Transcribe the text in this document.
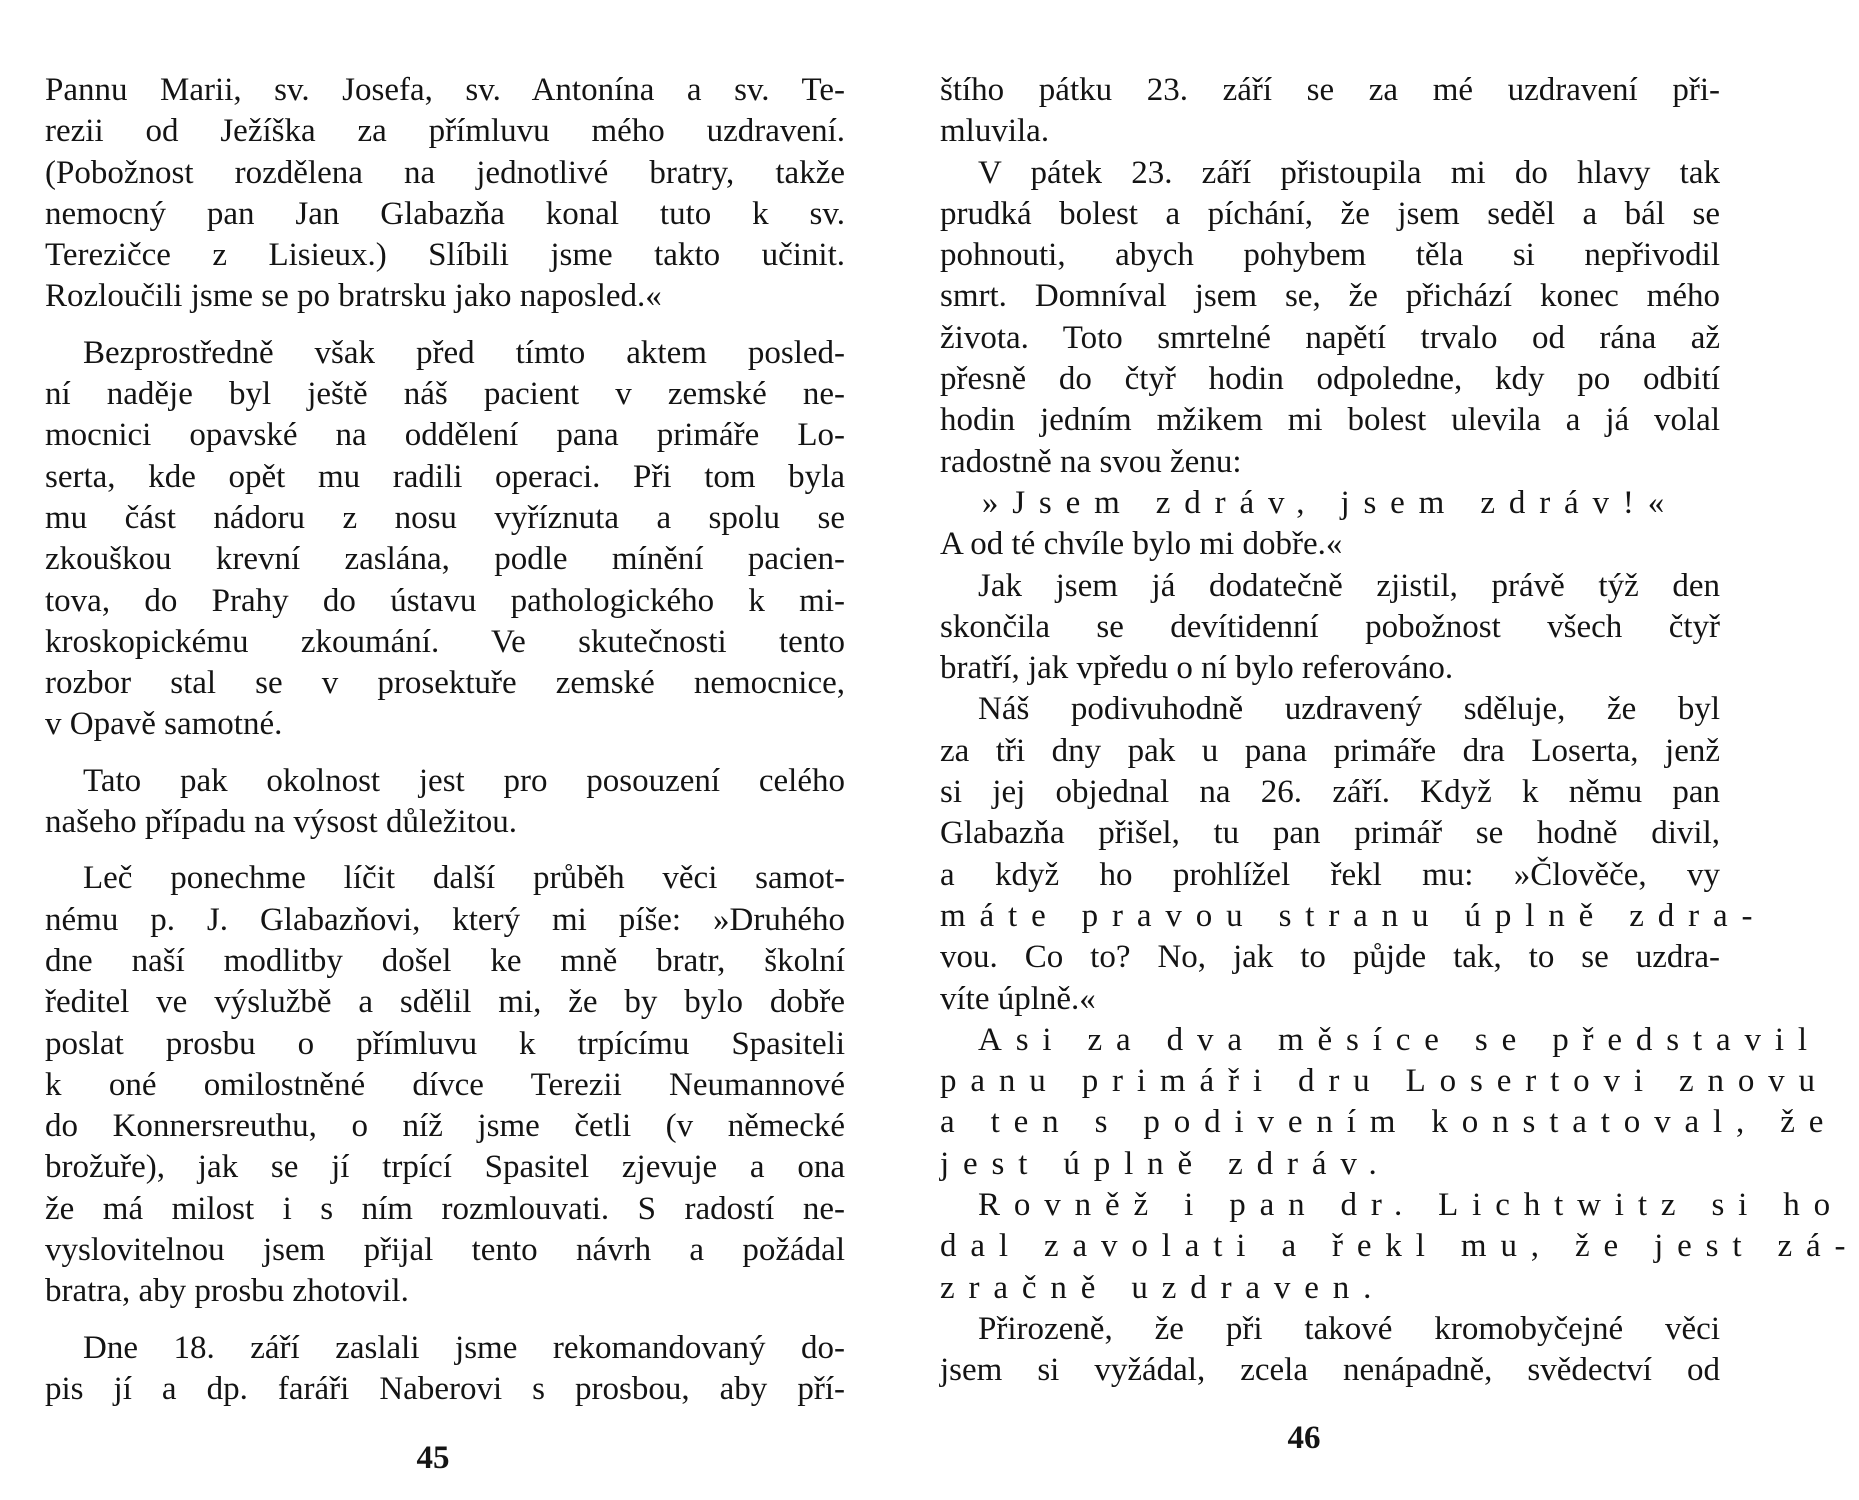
Pannu Marii, sv. Josefa, sv. Antonína a sv. Te-
rezii od Ježíška za přímluvu mého uzdravení.
(Pobožnost rozdělena na jednotlivé bratry, takže
nemocný pan Jan Glabazňa konal tuto k sv.
Terezičce z Lisieux.) Slíbili jsme takto učinit.
Rozloučili jsme se po bratrsku jako naposled.«
Bezprostředně však před tímto aktem posled-
ní naděje byl ještě náš pacient v zemské ne-
mocnici opavské na oddělení pana primáře Lo-
serta, kde opět mu radili operaci. Při tom byla
mu část nádoru z nosu vyříznuta a spolu se
zkouškou krevní zaslána, podle mínění pacien-
tova, do Prahy do ústavu pathologického k mi-
kroskopickému zkoumání. Ve skutečnosti tento
rozbor stal se v prosektuře zemské nemocnice,
v Opavě samotné.
Tato pak okolnost jest pro posouzení celého
našeho případu na výsost důležitou.
Leč ponechme líčit další průběh věci samot-
nému p. J. Glabazňovi, který mi píše: »Druhého
dne naší modlitby došel ke mně bratr, školní
ředitel ve výslužbě a sdělil mi, že by bylo dobře
poslat prosbu o přímluvu k trpícímu Spasiteli
k oné omilostněné dívce Terezii Neumannové
do Konnersreuthu, o níž jsme četli (v německé
brožuře), jak se jí trpící Spasitel zjevuje a ona
že má milost i s ním rozmlouvati. S radostí ne-
vyslovitelnou jsem přijal tento návrh a požádal
bratra, aby prosbu zhotovil.
Dne 18. září zaslali jsme rekomandovaný do-
pis jí a dp. faráři Naberovi s prosbou, aby pří-
45
štího pátku 23. září se za mé uzdravení při-
mluvila.
V pátek 23. září přistoupila mi do hlavy tak
prudká bolest a píchání, že jsem seděl a bál se
pohnouti, abych pohybem těla si nepřivodil
smrt. Domníval jsem se, že přichází konec mého
života. Toto smrtelné napětí trvalo od rána až
přesně do čtyř hodin odpoledne, kdy po odbití
hodin jedním mžikem mi bolest ulevila a já volal
radostně na svou ženu:
»Jsem zdráv, jsem zdráv!«
A od té chvíle bylo mi dobře.«
Jak jsem já dodatečně zjistil, právě týž den
skončila se devítidenní pobožnost všech čtyř
bratří, jak vpředu o ní bylo referováno.
Náš podivuhodně uzdravený sděluje, že byl
za tři dny pak u pana primáře dra Loserta, jenž
si jej objednal na 26. září. Když k němu pan
Glabazňa přišel, tu pan primář se hodně divil,
a když ho prohlížel řekl mu: »Člověče, vy
máte pravou stranu úplně zdra-
vou. Co to? No, jak to půjde tak, to se uzdra-
víte úplně.«
Asi za dva měsíce se představil
panu primáři dru Losertovi znovu
a ten s podivením konstatoval, že
jest úplně zdráv.
Rovněž i pan dr. Lichtwitz si ho
dal zavolati a řekl mu, že jest zá-
zračně uzdraven.
Přirozeně, že při takové kromobyčejné věci
jsem si vyžádal, zcela nenápadně, svědectví od
46
